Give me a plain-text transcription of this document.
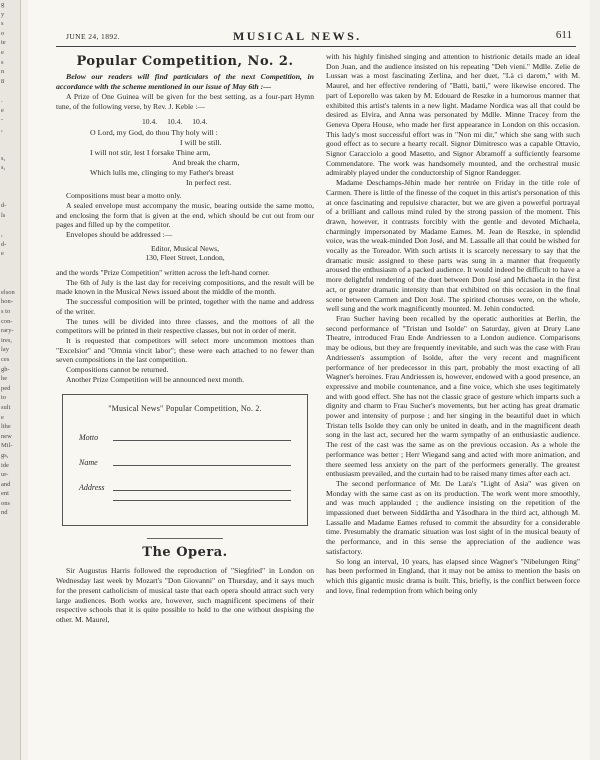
g
y
s
o
te
e
s
n
8

.
e
-
,

s,
s,

d-
ls

,
d-
e

elson
hon-
s to
con-
rary-
ires,
lay
ces
gh-
he
ped
to
sult
e
lthe
new
Mil-
gs,
ide
ur-
and
ent
ons
nd
JUNE 24, 1892.	MUSICAL NEWS.	611
Popular Competition, No. 2.

Below our readers will find particulars of the next Competition, in accordance with the scheme mentioned in our issue of May 6th :—

A Prize of One Guinea will be given for the best setting, as a four-part Hymn tune, of the following verse, by Rev. J. Keble :—

10.4. 10.4. 10.4.
O Lord, my God, do thou Thy holy will :
I will be still.
I will not stir, lest I forsake Thine arm,
And break the charm,
Which lulls me, clinging to my Father's breast
In perfect rest.

Compositions must bear a motto only.

A sealed envelope must accompany the music, bearing outside the same motto, and enclosing the form that is given at the end, which should be cut out from our pages and filled up by the competitor.

Envelopes should be addressed :—

Editor, Musical News,
130, Fleet Street, London,

and the words "Prize Competition" written across the left-hand corner.

The 6th of July is the last day for receiving compositions, and the result will be made known in the Musical News issued about the middle of the month.

The successful composition will be printed, together with the name and address of the writer.

The tunes will be divided into three classes, and the mottoes of all the competitors will be printed in their respective classes, but not in order of merit.

It is requested that competitors will select more uncommon mottoes than "Excelsior" and "Omnia vincit labor"; these were each attached to no fewer than seven compositions in the last competition.

Compositions cannot be returned.

Another Prize Competition will be announced next month.

"Musical News" Popular Competition, No. 2.
Motto
Name
Address
The Opera.

Sir Augustus Harris followed the reproduction of "Siegfried" in London on Wednesday last week by Mozart's "Don Giovanni" on Thursday, and it says much for the present catholicism of musical taste that each opera should attract such very large audiences. Both works are, however, such magnificent specimens of their respective schools that it is quite possible to hold to the one without despising the other. M. Maurel,

with his highly finished singing and attention to histrionic details made an ideal Don Juan, and the audience insisted on his repeating "Deh vieni." Mdlle. Zelie de Lussan was a most fascinating Zerlina, and her duet, "Là ci darem," with M. Maurel, and her effective rendering of "Batti, batti," were likewise encored. The part of Leporello was taken by M. Edouard de Reszke in a humorous manner that exhibited this artist's talents in a new light. Madame Nordica was all that could be desired as Elvira, and Anna was personated by Mdlle. Minne Tracey from the Geneva Opera House, who made her first appearance in London on this occasion. This lady's most successful effort was in "Non mi dir," which she sang with such good effect as to secure a hearty recall. Signor Dimitresco was a capable Ottavio, Signor Caracciolo a good Masetto, and Signor Abramoff a sufficiently fearsome Commendatore. The work was handsomely mounted, and the orchestral music admirably played under the conductorship of Signor Randegger.

Madame Deschamps-Jéhin made her rentrée on Friday in the title role of Carmen. There is little of the finesse of the coquet in this artist's personation of this at once fascinating and repulsive character, but we are given a powerful portrayal of a brilliant and callous mind ruled by the strong passion of the moment. This drawn, however, it contrasts forcibly with the gentle and devoted Michaela, charmingly impersonated by Madame Eames. M. Jean de Reszke, in splendid voice, was the weak-minded Don José, and M. Lassalle all that could be wished for vocally as the Toreador. With such artists it is scarcely necessary to say that the dramatic music assigned to these parts was sung in a manner that frequently aroused the enthusiasm of a packed audience. It would indeed be difficult to have a more delightful rendering of the duet between Don José and Michaela in the first act, or greater dramatic intensity than that exhibited on this occasion in the final scene between Carmen and Don José. The spirited choruses were, on the whole, well sung and the work magnificently mounted. M. Jehin conducted.

Frau Sucher having been recalled by the operatic authorities at Berlin, the second performance of "Tristan und Isolde" on Saturday, given at Drury Lane Theatre, introduced Frau Ende Andriessen to a London audience. Comparisons may be odious, but they are frequently inevitable, and such was the case with Frau Andriessen's assumption of Isolde, after the very recent and magnificent performance of her predecessor in this part, probably the most exacting of all Wagner's heroines. Frau Andriessen is, however, endowed with a good presence, an expressive and mobile countenance, and a fine voice, which she uses legitimately and with good effect. She has not the classic grace of gesture which imparts such a dignity and charm to Frau Sucher's movements, but her acting has great dramatic power and intensity of purpose ; and her singing in the beautiful duet in which Tristan tells Isolde they can only be united in death, and in the magnificent death song in the last act, secured her the warm sympathy of an enthusiastic audience. The rest of the cast was the same as on the previous occasion. As a whole the performance was better ; Herr Wiegand sang and acted with more animation, and there seemed less anxiety on the part of the performers generally. The greatest enthusiasm prevailed, and the curtain had to be raised many times after each act.

The second performance of Mr. De Lara's "Light of Asia" was given on Monday with the same cast as on its production. The work went more smoothly, and was much applauded ; the audience insisting on the repetition of the impassioned duet between Siddârtha and Yâsodhara in the third act, although M. Lassalle and Madame Eames refused to commit the absurdity for a considerable time. Presumably the dramatic situation was lost sight of in the musical beauty of the performance, and in this sense the appreciation of the audience was satisfactory.

So long an interval, 10 years, has elapsed since Wagner's "Nibelungen Ring" has been performed in England, that it may not be amiss to mention the basis on which this gigantic music drama is built. This, briefly, is the conflict between force and love, final redemption from which being only
